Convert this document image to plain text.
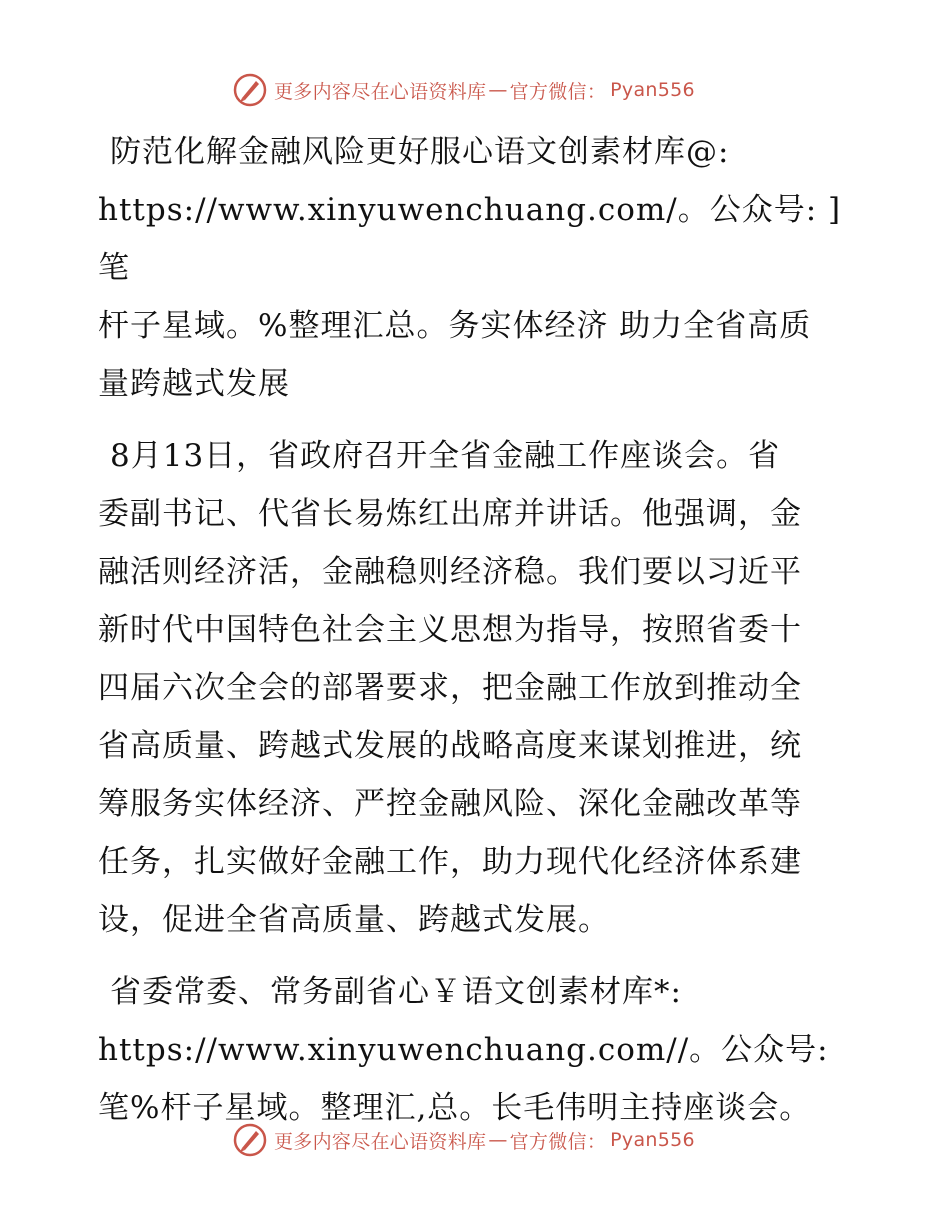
更多内容尽在心语资料库 — 官方微信： Pyan556

防范化解金融风险更好服心语文创素材库@:
https://www.xinyuwenchuang.com/。公众号: ]笔
杆子星域。%整理汇总。务实体经济 助力全省高质
量跨越式发展

8月13日，省政府召开全省金融工作座谈会。省
委副书记、代省长易炼红出席并讲话。他强调，金
融活则经济活，金融稳则经济稳。我们要以习近平
新时代中国特色社会主义思想为指导，按照省委十
四届六次全会的部署要求，把金融工作放到推动全
省高质量、跨越式发展的战略高度来谋划推进，统
筹服务实体经济、严控金融风险、深化金融改革等
任务，扎实做好金融工作，助力现代化经济体系建
设，促进全省高质量、跨越式发展。

省委常委、常务副省心￥语文创素材库*:
https://www.xinyuwenchuang.com//。公众号:
笔%杆子星域。整理汇,总。长毛伟明主持座谈会。

更多内容尽在心语资料库 — 官方微信： Pyan556
